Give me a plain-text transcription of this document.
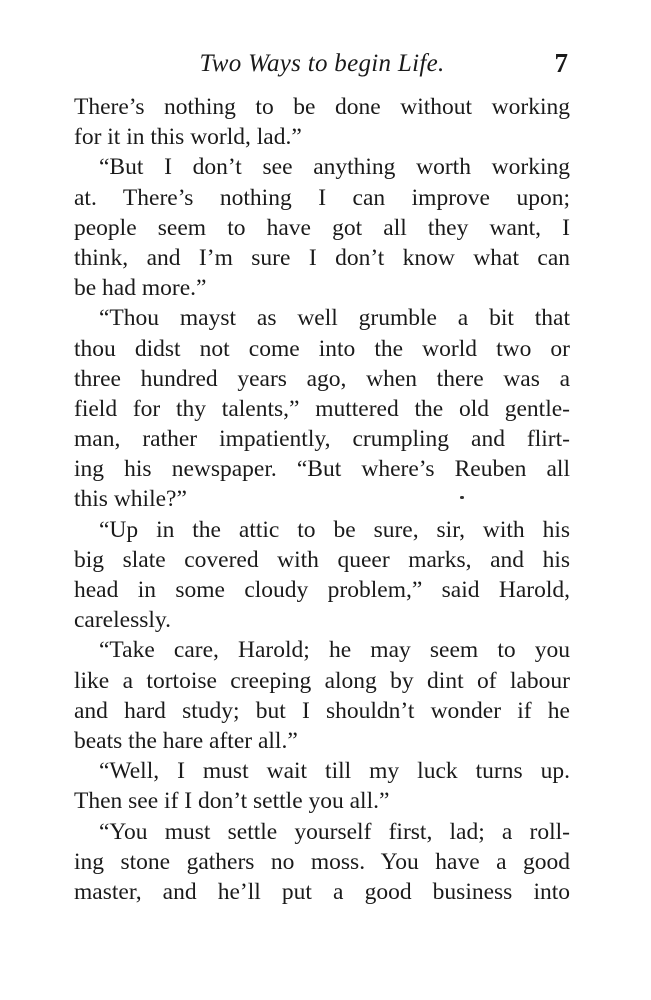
Two Ways to begin Life.	7
There’s nothing to be done without working
for it in this world, lad.”
“But I don’t see anything worth working
at. There’s nothing I can improve upon;
people seem to have got all they want, I
think, and I’m sure I don’t know what can
be had more.”
“Thou mayst as well grumble a bit that
thou didst not come into the world two or
three hundred years ago, when there was a
field for thy talents,” muttered the old gentle-
man, rather impatiently, crumpling and flirt-
ing his newspaper. “But where’s Reuben all
this while?”
“Up in the attic to be sure, sir, with his
big slate covered with queer marks, and his
head in some cloudy problem,” said Harold,
carelessly.
“Take care, Harold; he may seem to you
like a tortoise creeping along by dint of labour
and hard study; but I shouldn’t wonder if he
beats the hare after all.”
“Well, I must wait till my luck turns up.
Then see if I don’t settle you all.”
“You must settle yourself first, lad; a roll-
ing stone gathers no moss. You have a good
master, and he’ll put a good business into
